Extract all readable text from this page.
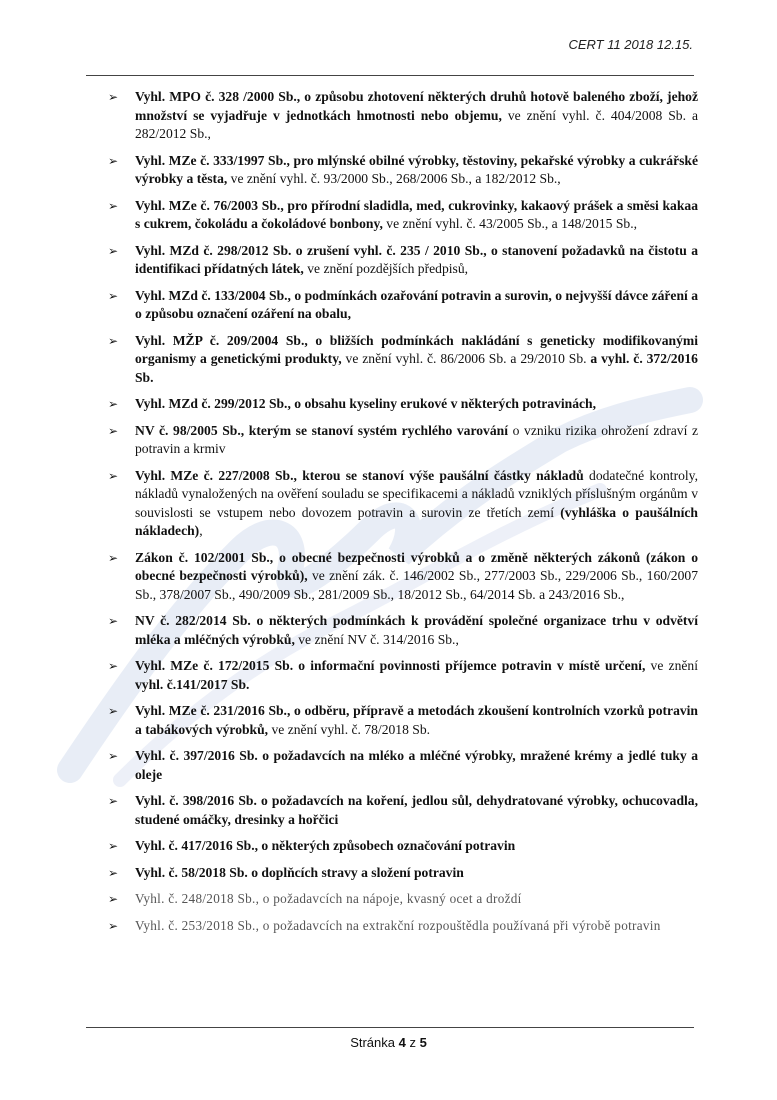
CERT 11 2018 12.15.
➢ Vyhl. MPO č. 328 /2000 Sb., o způsobu zhotovení některých druhů hotově baleného zboží, jehož množství se vyjadřuje v jednotkách hmotnosti nebo objemu, ve znění vyhl. č. 404/2008 Sb. a 282/2012 Sb.,
➢ Vyhl. MZe č. 333/1997 Sb., pro mlýnské obilné výrobky, těstoviny, pekařské výrobky a cukrářské výrobky a těsta, ve znění vyhl. č. 93/2000 Sb., 268/2006 Sb., a 182/2012 Sb.,
➢ Vyhl. MZe č. 76/2003 Sb., pro přírodní sladidla, med, cukrovinky, kakaový prášek a směsi kakaa s cukrem, čokoládu a čokoládové bonbony, ve znění vyhl. č. 43/2005 Sb., a 148/2015 Sb.,
➢ Vyhl. MZd č. 298/2012 Sb. o zrušení vyhl. č. 235 / 2010 Sb., o stanovení požadavků na čistotu a identifikaci přídatných látek, ve znění pozdějších předpisů,
➢ Vyhl. MZd č. 133/2004 Sb., o podmínkách ozařování potravin a surovin, o nejvyšší dávce záření a o způsobu označení ozáření na obalu,
➢ Vyhl. MŽP č. 209/2004 Sb., o bližších podmínkách nakládání s geneticky modifikovanými organismy a genetickými produkty, ve znění vyhl. č. 86/2006 Sb. a 29/2010 Sb. a vyhl. č. 372/2016 Sb.
➢ Vyhl. MZd č. 299/2012 Sb., o obsahu kyseliny erukové v některých potravinách,
➢ NV č. 98/2005 Sb., kterým se stanoví systém rychlého varování o vzniku rizika ohrožení zdraví z potravin a krmiv
➢ Vyhl. MZe č. 227/2008 Sb., kterou se stanoví výše paušální částky nákladů dodatečné kontroly, nákladů vynaložených na ověření souladu se specifikacemi a nákladů vzniklých příslušným orgánům v souvislosti se vstupem nebo dovozem potravin a surovin ze třetích zemí (vyhláška o paušálních nákladech),
➢ Zákon č. 102/2001 Sb., o obecné bezpečnosti výrobků a o změně některých zákonů (zákon o obecné bezpečnosti výrobků), ve znění zák. č. 146/2002 Sb., 277/2003 Sb., 229/2006 Sb., 160/2007 Sb., 378/2007 Sb., 490/2009 Sb., 281/2009 Sb., 18/2012 Sb., 64/2014 Sb. a 243/2016 Sb.,
➢ NV č. 282/2014 Sb. o některých podmínkách k provádění společné organizace trhu v odvětví mléka a mléčných výrobků, ve znění NV č. 314/2016 Sb.,
➢ Vyhl. MZe č. 172/2015 Sb. o informační povinnosti příjemce potravin v místě určení, ve znění vyhl. č.141/2017 Sb.
➢ Vyhl. MZe č. 231/2016 Sb., o odběru, přípravě a metodách zkoušení kontrolních vzorků potravin a tabákových výrobků, ve znění vyhl. č. 78/2018 Sb.
➢ Vyhl. č. 397/2016 Sb. o požadavcích na mléko a mléčné výrobky, mražené krémy a jedlé tuky a oleje
➢ Vyhl. č. 398/2016 Sb. o požadavcích na koření, jedlou sůl, dehydratované výrobky, ochucovadla, studené omáčky, dresinky a hořčici
➢ Vyhl. č. 417/2016 Sb., o některých způsobech označování potravin
➢ Vyhl. č. 58/2018 Sb. o doplňcích stravy a složení potravin
➢ Vyhl. č. 248/2018 Sb., o požadavcích na nápoje, kvasný ocet a droždí
➢ Vyhl. č. 253/2018 Sb., o požadavcích na extrakční rozpouštědla používaná při výrobě potravin
Stránka 4 z 5
